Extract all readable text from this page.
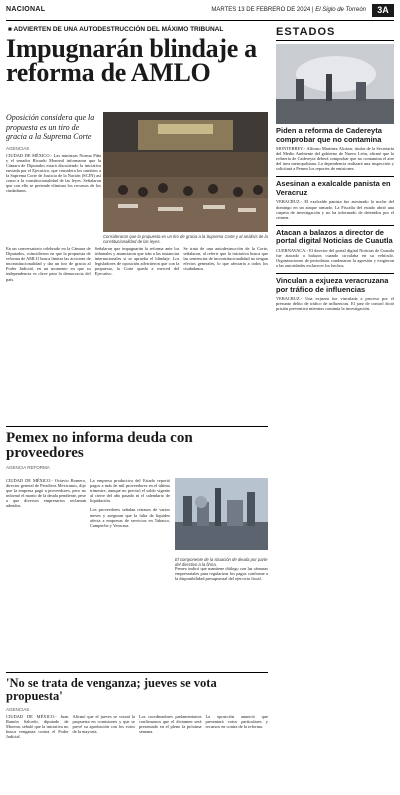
NACIONAL	MARTES 13 DE FEBRERO DE 2024 | El Siglo de Torreón	3A
■ ADVIERTEN DE UNA AUTODESTRUCCIÓN DEL MÁXIMO TRIBUNAL
Impugnarán blindaje a reforma de AMLO
Oposición considera que la propuesta es un tiro de gracia a la Suprema Corte
AGENCIAS
CIUDAD DE MÉXICO.- Las ministras Norma Piña y el senador Ricardo Monreal informaron que la Cámara de Diputados estará discutiendo la iniciativa enviada por el Ejecutivo, que considera los cambios a la Suprema Corte de Justicia de la Nación (SCJN) así como a la constitucionalidad de las leyes. Señalaron que con ello se pretende eliminar los recursos de los ciudadanos.
Consideraron que la propuesta es un tiro de gracia a la Suprema Corte y al análisis de la constitucionalidad de las leyes.
En un conversatorio celebrado en la Cámara de Diputados, coincidieron en que la propuesta de reforma de AMLO busca limitar las acciones de inconstitucionalidad y dar un tiro de gracia al Poder Judicial, en un momento en que su independencia es clave para la democracia del país.
Señalaron que impugnarán la reforma ante los tribunales y anunciaron que irán a las instancias internacionales si se aprueba el blindaje. Los legisladores de oposición advirtieron que con la propuesta, la Corte queda a merced del Ejecutivo.
Se trata de una autodestrucción de la Corte, señalaron, al referir que la iniciativa busca que las sentencias de inconstitucionalidad no tengan efectos generales, lo que afectaría a todos los ciudadanos.
Pemex no informa deuda con proveedores
AGENCIA REFORMA
CIUDAD DE MÉXICO.- Octavio Romero, director general de Petróleos Mexicanos, dijo que la empresa pagó a proveedores, pero no informó el monto de la deuda pendiente, pese a que diversos empresarios reclaman adeudos.
La empresa productiva del Estado reportó pagos a más de mil proveedores en el último trimestre, aunque no precisó el saldo vigente al cierre del año pasado ni el calendario de liquidación.
Los proveedores señalan retrasos de varios meses y aseguran que la falta de liquidez afecta a empresas de servicios en Tabasco, Campeche y Veracruz.
El componente de la situación de deuda por parte del directivo a la firma.
Pemex indicó que mantiene diálogo con las cámaras empresariales para regularizar los pagos conforme a la disponibilidad presupuestal del ejercicio fiscal.
'No se trata de venganza; jueves se vota propuesta'
AGENCIAS
CIUDAD DE MÉXICO.- Juan Ramón Salcedo, diputado de Morena, señaló que la iniciativa no busca venganza contra el Poder Judicial.
Afirmó que el jueves se votará la propuesta en comisiones y que se prevé su aprobación con los votos de la mayoría.
Los coordinadores parlamentarios confirmaron que el dictamen será presentado en el pleno la próxima semana.
La oposición anunció que presentará votos particulares y recursos en contra de la reforma.
ESTADOS
Piden a reforma de Cadereyta comprobar que no contamina
MONTERREY.- Alfonso Martínez Alcázar, titular de la Secretaría del Medio Ambiente del gobierno de Nuevo León, afirmó que la refinería de Cadereyta deberá comprobar que no contamina el aire del área metropolitana. La dependencia realizará una inspección y solicitará a Pemex los reportes de emisiones.
Asesinan a exalcalde panista en Veracruz
VERACRUZ.- El exalcalde panista fue asesinado la noche del domingo en un ataque armado. La Fiscalía del estado abrió una carpeta de investigación y no ha informado de detenidos por el crimen.
Atacan a balazos a director de portal digital Noticias de Cuautla
CUERNAVACA.- El director del portal digital Noticias de Cuautla fue atacado a balazos cuando circulaba en su vehículo. Organizaciones de periodistas condenaron la agresión y exigieron a las autoridades esclarecer los hechos.
Vinculan a exjueza veracruzana por tráfico de influencias
VERACRUZ.- Una exjueza fue vinculada a proceso por el presunto delito de tráfico de influencias. El juez de control dictó prisión preventiva mientras continúa la investigación.
